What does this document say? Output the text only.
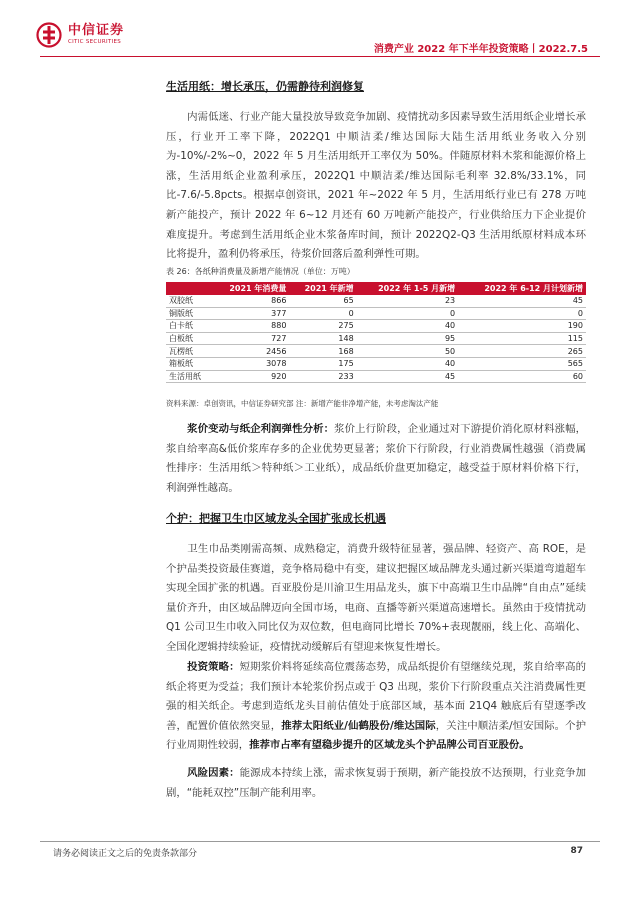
中信证券
CITIC SECURITIES
消费产业 2022 年下半年投资策略丨2022.7.5
生活用纸：增长承压，仍需静待利润修复

内需低迷、行业产能大量投放导致竞争加剧、疫情扰动多因素导致生活用纸企业增长承压，行业开工率下降，2022Q1 中顺洁柔/维达国际大陆生活用纸业务收入分别为-10%/-2%~0，2022 年 5 月生活用纸开工率仅为 50%。伴随原材料木浆和能源价格上涨，生活用纸企业盈利承压，2022Q1 中顺洁柔/维达国际毛利率 32.8%/33.1%，同比-7.6/-5.8pcts。根据卓创资讯，2021 年~2022 年 5 月，生活用纸行业已有 278 万吨新产能投产，预计 2022 年 6~12 月还有 60 万吨新产能投产，行业供给压力下企业提价难度提升。考虑到生活用纸企业木浆备库时间，预计 2022Q2-Q3 生活用纸原材料成本环比将提升，盈利仍将承压，待浆价回落后盈利弹性可期。

表 26：各纸种消费量及新增产能情况（单位：万吨）
	2021 年消费量	2021 年新增	2022 年 1-5 月新增	2022 年 6-12 月计划新增
双胶纸	866	65	23	45
铜版纸	377	0	0	0
白卡纸	880	275	40	190
白板纸	727	148	95	115
瓦楞纸	2456	168	50	265
箱板纸	3078	175	40	565
生活用纸	920	233	45	60
资料来源：卓创资讯，中信证券研究部 注：新增产能非净增产能，未考虑淘汰产能

浆价变动与纸企利润弹性分析：浆价上行阶段，企业通过对下游提价消化原材料涨幅，浆自给率高&低价浆库存多的企业优势更显著；浆价下行阶段，行业消费属性越强（消费属性排序：生活用纸＞特种纸＞工业纸），成品纸价盘更加稳定，越受益于原材料价格下行，利润弹性越高。

个护：把握卫生巾区域龙头全国扩张成长机遇

卫生巾品类刚需高频、成熟稳定，消费升级特征显著，强品牌、轻资产、高 ROE，是个护品类投资最佳赛道，竞争格局稳中有变，建议把握区域品牌龙头通过新兴渠道弯道超车实现全国扩张的机遇。百亚股份是川渝卫生用品龙头，旗下中高端卫生巾品牌“自由点”延续量价齐升，由区域品牌迈向全国市场，电商、直播等新兴渠道高速增长。虽然由于疫情扰动 Q1 公司卫生巾收入同比仅为双位数，但电商同比增长 70%+表现靓丽，线上化、高端化、全国化逻辑持续验证，疫情扰动缓解后有望迎来恢复性增长。

投资策略：短期浆价料将延续高位震荡态势，成品纸提价有望继续兑现，浆自给率高的纸企将更为受益；我们预计本轮浆价拐点或于 Q3 出现，浆价下行阶段重点关注消费属性更强的相关纸企。考虑到造纸龙头目前估值处于底部区域，基本面 21Q4 触底后有望逐季改善，配置价值依然突显，推荐太阳纸业/仙鹤股份/维达国际，关注中顺洁柔/恒安国际。个护行业周期性较弱，推荐市占率有望稳步提升的区域龙头个护品牌公司百亚股份。

风险因素：能源成本持续上涨，需求恢复弱于预期，新产能投放不达预期，行业竞争加剧，“能耗双控”压制产能利用率。

请务必阅读正文之后的免责条款部分	87
